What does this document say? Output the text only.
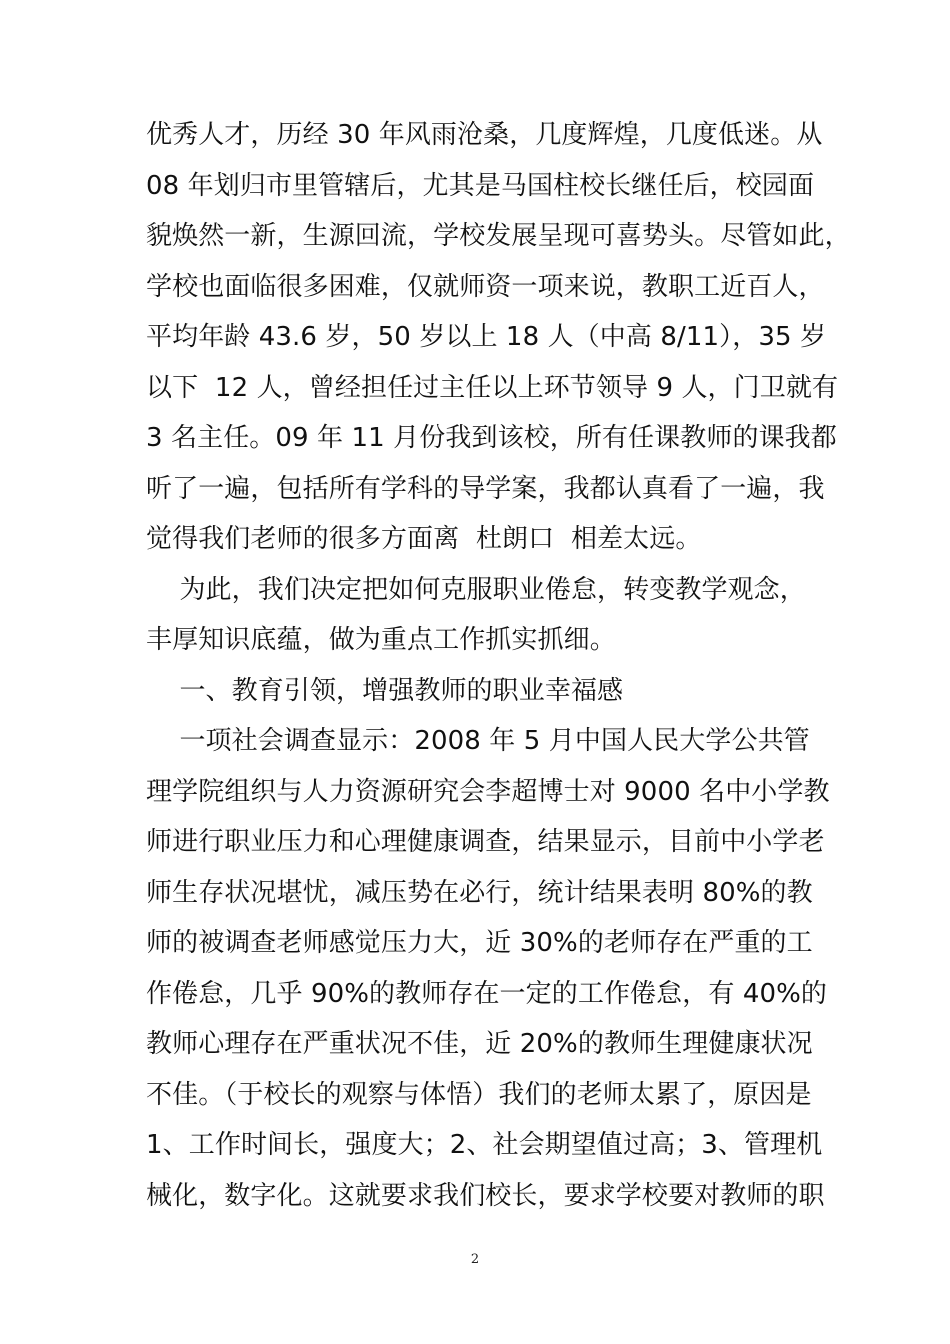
优秀人才，历经 30 年风雨沧桑，几度辉煌，几度低迷。从
08 年划归市里管辖后，尤其是马国柱校长继任后，校园面
貌焕然一新，生源回流，学校发展呈现可喜势头。尽管如此，
学校也面临很多困难，仅就师资一项来说，教职工近百人，
平均年龄 43.6 岁，50 岁以上 18 人（中高 8/11），35 岁
以下  12 人，曾经担任过主任以上环节领导 9 人，门卫就有
3 名主任。09 年 11 月份我到该校，所有任课教师的课我都
听了一遍，包括所有学科的导学案，我都认真看了一遍，我
觉得我们老师的很多方面离  杜朗口  相差太远。
为此，我们决定把如何克服职业倦怠，转变教学观念，
丰厚知识底蕴，做为重点工作抓实抓细。
一、教育引领，增强教师的职业幸福感
一项社会调查显示：2008 年 5 月中国人民大学公共管
理学院组织与人力资源研究会李超博士对 9000 名中小学教
师进行职业压力和心理健康调查，结果显示，目前中小学老
师生存状况堪忧，减压势在必行，统计结果表明 80%的教
师的被调查老师感觉压力大，近 30%的老师存在严重的工
作倦怠，几乎 90%的教师存在一定的工作倦怠，有 40%的
教师心理存在严重状况不佳，近 20%的教师生理健康状况
不佳。（于校长的观察与体悟）我们的老师太累了，原因是
1、工作时间长，强度大；2、社会期望值过高；3、管理机
械化，数字化。这就要求我们校长，要求学校要对教师的职
2
